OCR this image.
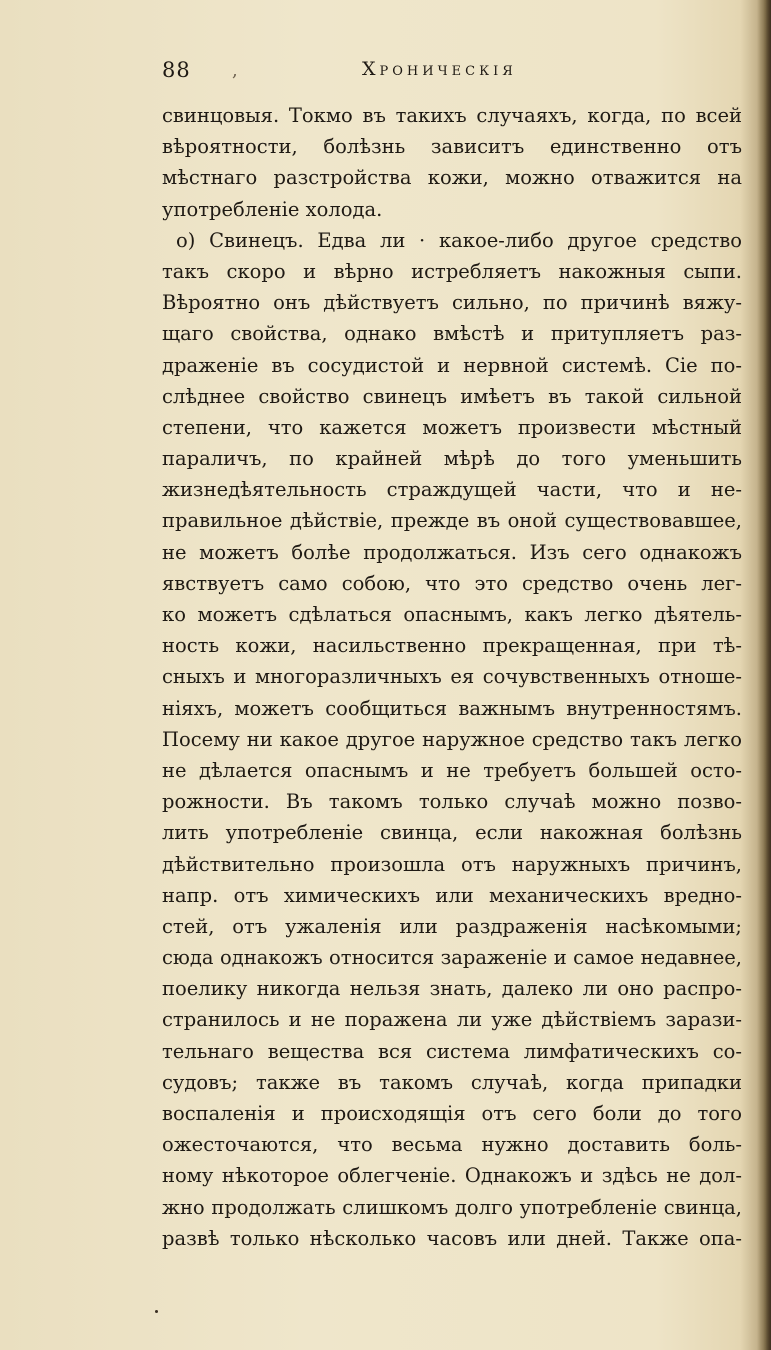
88 ,	Хроническія
свинцовыя. Токмо въ такихъ случаяхъ, когда, по всей
вѣроятности, болѣзнь зависитъ единственно отъ
мѣстнаго разстройства кожи, можно отважится на
употребленіе холода.
о) Свинецъ. Едва ли · какое-либо другое средство
такъ скоро и вѣрно истребляетъ накожныя сыпи.
Вѣроятно онъ дѣйствуетъ сильно, по причинѣ вяжу-
щаго свойства, однако вмѣстѣ и притупляетъ раз-
драженіе въ сосудистой и нервной системѣ. Сіе по-
слѣднее свойство свинецъ имѣетъ въ такой сильной
степени, что кажется можетъ произвести мѣстный
параличъ, по крайней мѣрѣ до того уменьшить
жизнедѣятельность страждущей части, что и не-
правильное дѣйствіе, прежде въ оной существовавшее,
не можетъ болѣе продолжаться. Изъ сего однакожъ
явствуетъ само собою, что это средство очень лег-
ко можетъ сдѣлаться опаснымъ, какъ легко дѣятель-
ность кожи, насильственно прекращенная, при тѣ-
сныхъ и многоразличныхъ ея сочувственныхъ отноше-
ніяхъ, можетъ сообщиться важнымъ внутренностямъ.
Посему ни какое другое наружное средство такъ легко
не дѣлается опаснымъ и не требуетъ большей осто-
рожности. Въ такомъ только случаѣ можно позво-
лить употребленіе свинца, если накожная болѣзнь
дѣйствительно произошла отъ наружныхъ причинъ,
напр. отъ химическихъ или механическихъ вредно-
стей, отъ ужаленія или раздраженія насѣкомыми;
сюда однакожъ относится зараженіе и самое недавнее,
поелику никогда нельзя знать, далеко ли оно распро-
странилось и не поражена ли уже дѣйствіемъ зарази-
тельнаго вещества вся система лимфатическихъ со-
судовъ; также въ такомъ случаѣ, когда припадки
воспаленія и происходящія отъ сего боли до того
ожесточаются, что весьма нужно доставить боль-
ному нѣкоторое облегченіе. Однакожъ и здѣсь не дол-
жно продолжать слишкомъ долго употребленіе свинца,
развѣ только нѣсколько часовъ или дней. Также опа-
